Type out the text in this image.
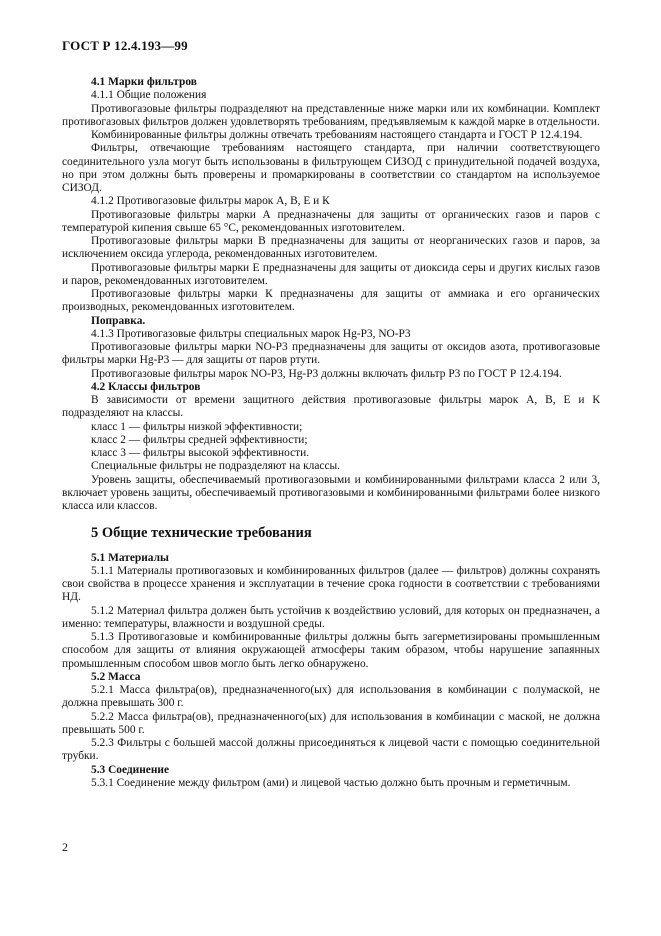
ГОСТ Р 12.4.193—99

4.1 Марки фильтров

4.1.1 Общие положения

Противогазовые фильтры подразделяют на представленные ниже марки или их комбинации. Комплект противогазовых фильтров должен удовлетворять требованиям, предъявляемым к каждой марке в отдельности.

Комбинированные фильтры должны отвечать требованиям настоящего стандарта и ГОСТ Р 12.4.194.

Фильтры, отвечающие требованиям настоящего стандарта, при наличии соответствующего соединительного узла могут быть использованы в фильтрующем СИЗОД с принудительной подачей воздуха, но при этом должны быть проверены и промаркированы в соответствии со стандартом на используемое СИЗОД.

4.1.2 Противогазовые фильтры марок А, В, Е и К

Противогазовые фильтры марки А предназначены для защиты от органических газов и паров с температурой кипения свыше 65 °С, рекомендованных изготовителем.

Противогазовые фильтры марки В предназначены для защиты от неорганических газов и паров, за исключением оксида углерода, рекомендованных изготовителем.

Противогазовые фильтры марки Е предназначены для защиты от диоксида серы и других кислых газов и паров, рекомендованных изготовителем.

Противогазовые фильтры марки К предназначены для защиты от аммиака и его органических производных, рекомендованных изготовителем.

Поправка.

4.1.3 Противогазовые фильтры специальных марок Hg-P3, NO-P3

Противогазовые фильтры марки NO-P3 предназначены для защиты от оксидов азота, противогазовые фильтры марки Hg-P3 — для защиты от паров ртути.

Противогазовые фильтры марок NO-P3, Hg-P3 должны включать фильтр P3 по ГОСТ Р 12.4.194.

4.2 Классы фильтров

В зависимости от времени защитного действия противогазовые фильтры марок А, В, Е и К подразделяют на классы.

класс 1 — фильтры низкой эффективности;

класс 2 — фильтры средней эффективности;

класс 3 — фильтры высокой эффективности.

Специальные фильтры не подразделяют на классы.

Уровень защиты, обеспечиваемый противогазовыми и комбинированными фильтрами класса 2 или 3, включает уровень защиты, обеспечиваемый противогазовыми и комбинированными фильтрами более низкого класса или классов.

5 Общие технические требования

5.1 Материалы

5.1.1 Материалы противогазовых и комбинированных фильтров (далее — фильтров) должны сохранять свои свойства в процессе хранения и эксплуатации в течение срока годности в соответствии с требованиями НД.

5.1.2 Материал фильтра должен быть устойчив к воздействию условий, для которых он предназначен, а именно: температуры, влажности и воздушной среды.

5.1.3 Противогазовые и комбинированные фильтры должны быть загерметизированы промышленным способом для защиты от влияния окружающей атмосферы таким образом, чтобы нарушение запаянных промышленным способом швов могло быть легко обнаружено.

5.2 Масса

5.2.1 Масса фильтра(ов), предназначенного(ых) для использования в комбинации с полумаской, не должна превышать 300 г.

5.2.2 Масса фильтра(ов), предназначенного(ых) для использования в комбинации с маской, не должна превышать 500 г.

5.2.3 Фильтры с большей массой должны присоединяться к лицевой части с помощью соединительной трубки.

5.3 Соединение

5.3.1 Соединение между фильтром (ами) и лицевой частью должно быть прочным и герметичным.

2
